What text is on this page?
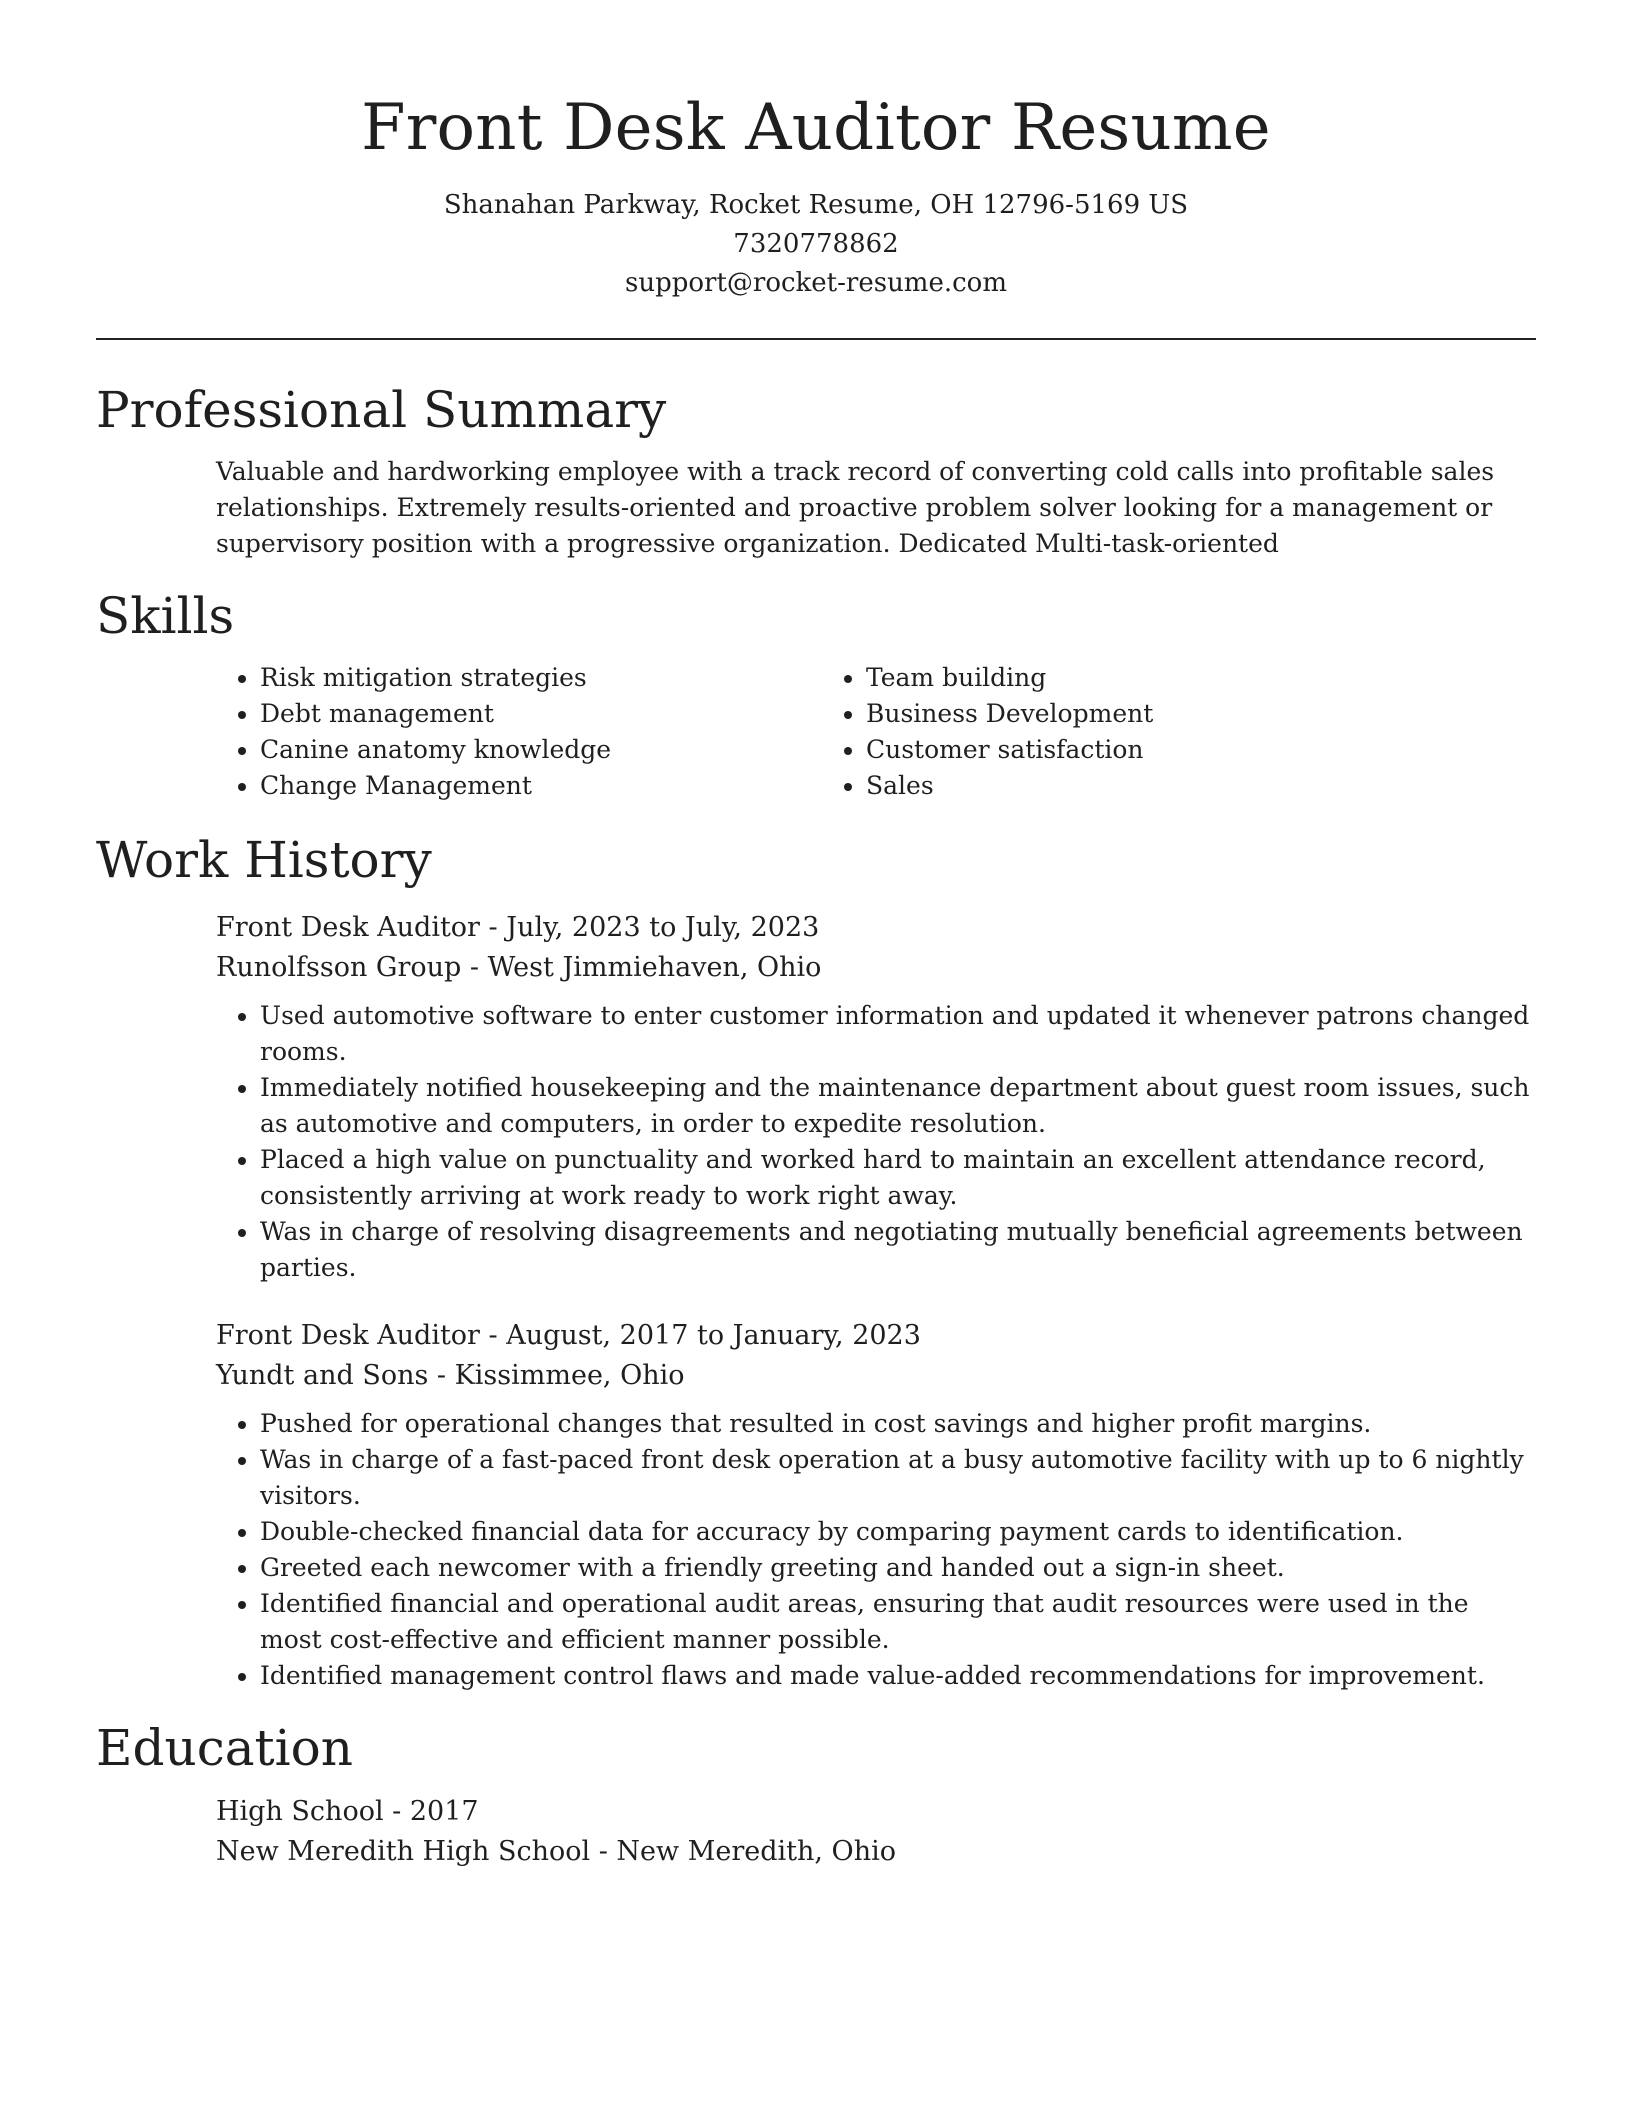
Front Desk Auditor Resume
Shanahan Parkway, Rocket Resume, OH 12796-5169 US
7320778862
support@rocket-resume.com
Professional Summary

Valuable and hardworking employee with a track record of converting cold calls into profitable sales relationships. Extremely results-oriented and proactive problem solver looking for a management or supervisory position with a progressive organization. Dedicated Multi-task-oriented

Skills
• Risk mitigation strategies
• Debt management
• Canine anatomy knowledge
• Change Management
• Team building
• Business Development
• Customer satisfaction
• Sales
Work History
Front Desk Auditor - July, 2023 to July, 2023
Runolfsson Group - West Jimmiehaven, Ohio
• Used automotive software to enter customer information and updated it whenever patrons changed rooms.
• Immediately notified housekeeping and the maintenance department about guest room issues, such as automotive and computers, in order to expedite resolution.
• Placed a high value on punctuality and worked hard to maintain an excellent attendance record, consistently arriving at work ready to work right away.
• Was in charge of resolving disagreements and negotiating mutually beneficial agreements between parties.
Front Desk Auditor - August, 2017 to January, 2023
Yundt and Sons - Kissimmee, Ohio
• Pushed for operational changes that resulted in cost savings and higher profit margins.
• Was in charge of a fast-paced front desk operation at a busy automotive facility with up to 6 nightly visitors.
• Double-checked financial data for accuracy by comparing payment cards to identification.
• Greeted each newcomer with a friendly greeting and handed out a sign-in sheet.
• Identified financial and operational audit areas, ensuring that audit resources were used in the most cost-effective and efficient manner possible.
• Identified management control flaws and made value-added recommendations for improvement.
Education
High School - 2017
New Meredith High School - New Meredith, Ohio
